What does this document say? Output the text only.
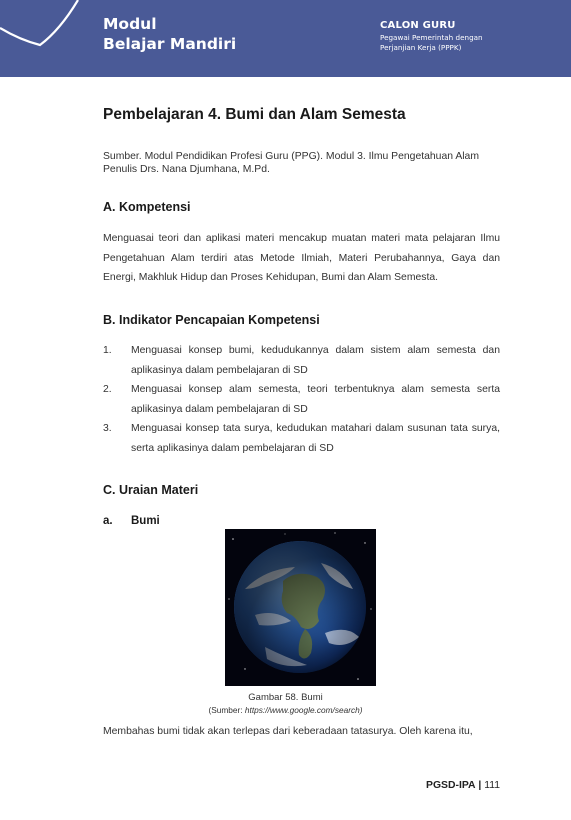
Modul
Belajar Mandiri
CALON GURU
Pegawai Pemerintah dengan
Perjanjian Kerja (PPPK)
Pembelajaran 4. Bumi dan Alam Semesta
Sumber. Modul Pendidikan Profesi Guru (PPG). Modul 3. Ilmu Pengetahuan Alam
Penulis Drs. Nana Djumhana, M.Pd.
A. Kompetensi
Menguasai teori dan aplikasi materi mencakup muatan materi mata pelajaran Ilmu Pengetahuan Alam terdiri atas Metode Ilmiah, Materi Perubahannya, Gaya dan Energi, Makhluk Hidup dan Proses Kehidupan, Bumi dan Alam Semesta.
B. Indikator Pencapaian Kompetensi
1.	Menguasai konsep bumi, kedudukannya dalam sistem alam semesta dan aplikasinya dalam pembelajaran di SD
2.	Menguasai konsep alam semesta, teori terbentuknya alam semesta serta aplikasinya dalam pembelajaran di SD
3.	Menguasai konsep tata surya, kedudukan matahari dalam susunan tata surya, serta aplikasinya dalam pembelajaran di SD
C. Uraian Materi
a.	Bumi
Gambar 58. Bumi
(Sumber: https://www.google.com/search)
Membahas bumi tidak akan terlepas dari keberadaan tatasurya. Oleh karena itu,
PGSD-IPA | 111
